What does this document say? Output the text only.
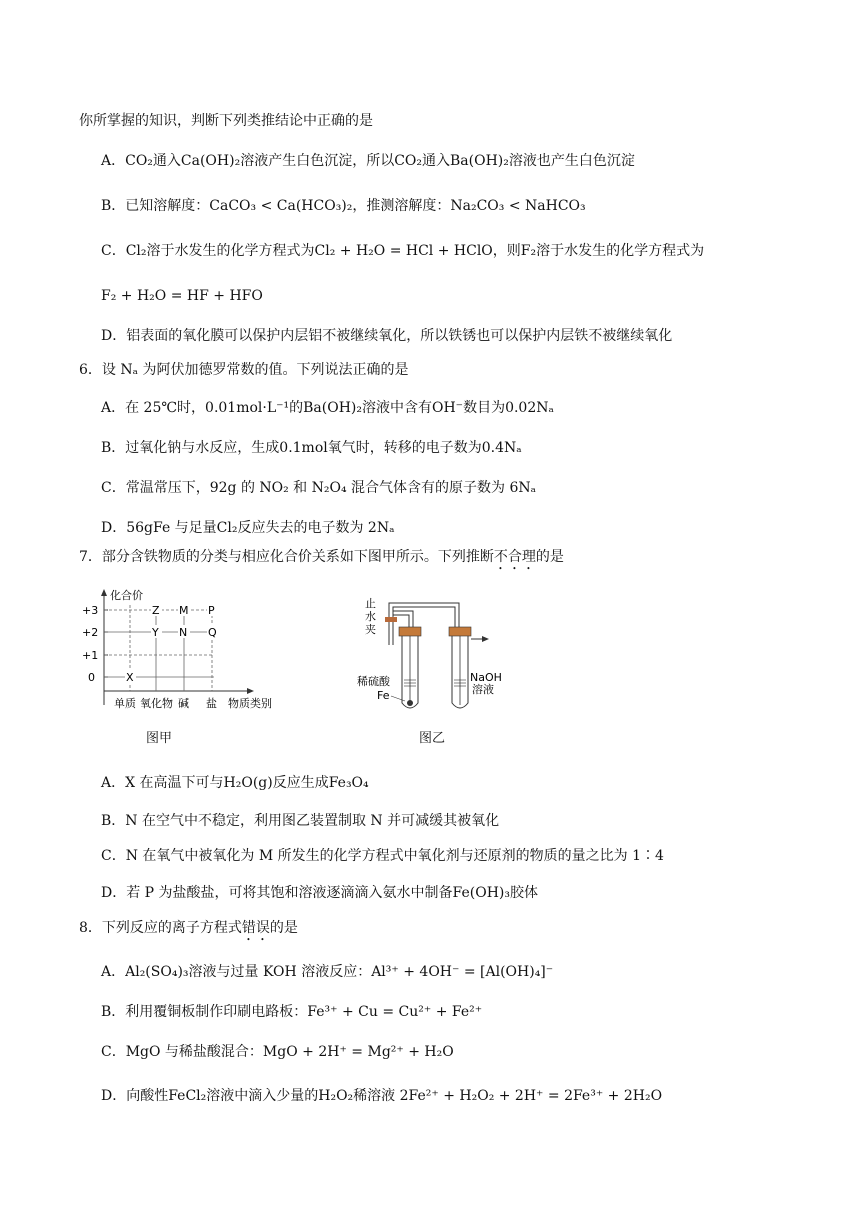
你所掌握的知识，判断下列类推结论中正确的是
A．CO₂通入Ca(OH)₂溶液产生白色沉淀，所以CO₂通入Ba(OH)₂溶液也产生白色沉淀
B．已知溶解度：CaCO₃ < Ca(HCO₃)₂，推测溶解度：Na₂CO₃ < NaHCO₃
C．Cl₂溶于水发生的化学方程式为Cl₂ + H₂O = HCl + HClO，则F₂溶于水发生的化学方程式为
F₂ + H₂O = HF + HFO
D．铝表面的氧化膜可以保护内层铝不被继续氧化，所以铁锈也可以保护内层铁不被继续氧化
6．设 Nₐ 为阿伏加德罗常数的值。下列说法正确的是
A．在 25℃时，0.01mol·L⁻¹的Ba(OH)₂溶液中含有OH⁻数目为0.02Nₐ
B．过氧化钠与水反应，生成0.1mol氧气时，转移的电子数为0.4Nₐ
C．常温常压下，92g 的 NO₂ 和 N₂O₄ 混合气体含有的原子数为 6Nₐ
D．56gFe 与足量Cl₂反应失去的电子数为 2Nₐ
7．部分含铁物质的分类与相应化合价关系如下图甲所示。下列推断不合理的是
化合价
+3
+2
+1
0	X
Y
Z M
N
P
Q
单质 氧化物 碱 盐 物质类别
图甲
止
水
夹
稀硫酸
Fe
NaOH
溶液
图乙
A．X 在高温下可与H₂O(g)反应生成Fe₃O₄
B．N 在空气中不稳定，利用图乙装置制取 N 并可减缓其被氧化
C．N 在氧气中被氧化为 M 所发生的化学方程式中氧化剂与还原剂的物质的量之比为 1∶4
D．若 P 为盐酸盐，可将其饱和溶液逐滴滴入氨水中制备Fe(OH)₃胶体
8．下列反应的离子方程式错误的是
A．Al₂(SO₄)₃溶液与过量 KOH 溶液反应：Al³⁺ + 4OH⁻ = [Al(OH)₄]⁻
B．利用覆铜板制作印刷电路板：Fe³⁺ + Cu = Cu²⁺ + Fe²⁺
C．MgO 与稀盐酸混合：MgO + 2H⁺ = Mg²⁺ + H₂O
D．向酸性FeCl₂溶液中滴入少量的H₂O₂稀溶液 2Fe²⁺ + H₂O₂ + 2H⁺ = 2Fe³⁺ + 2H₂O
